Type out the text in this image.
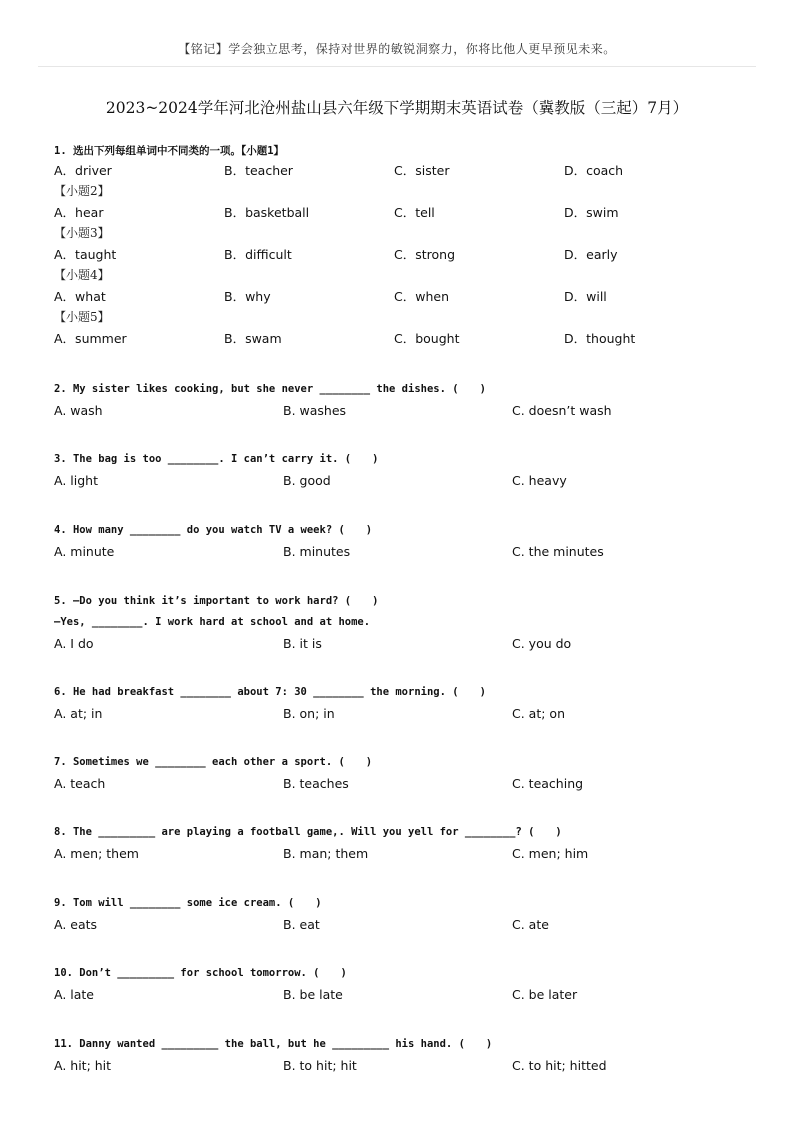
【铭记】学会独立思考，保持对世界的敏锐洞察力，你将比他人更早预见未来。
2023~2024学年河北沧州盐山县六年级下学期期末英语试卷（冀教版（三起）7月）
1. 选出下列每组单词中不同类的一项。【小题1】
A．driver	B．teacher	C．sister	D．coach
【小题2】
A．hear	B．basketball	C．tell	D．swim
【小题3】
A．taught	B．difficult	C．strong	D．early
【小题4】
A．what	B．why	C．when	D．will
【小题5】
A．summer	B．swam	C．bought	D．thought
2. My sister likes cooking, but she never ________ the dishes. (　　)
A. wash	B. washes	C. doesn’t wash
3. The bag is too ________. I can’t carry it. (　　)
A. light	B. good	C. heavy
4. How many ________ do you watch TV a week? (　　)
A. minute	B. minutes	C. the minutes
5. —Do you think it’s important to work hard? (　　)
—Yes, ________. I work hard at school and at home.
A. I do	B. it is	C. you do
6. He had breakfast ________ about 7: 30 ________ the morning. (　　)
A. at; in	B. on; in	C. at; on
7. Sometimes we ________ each other a sport. (　　)
A. teach	B. teaches	C. teaching
8. The _________ are playing a football game,. Will you yell for ________? (　　)
A. men; them	B. man; them	C. men; him
9. Tom will ________ some ice cream. (　　)
A. eats	B. eat	C. ate
10. Don’t _________ for school tomorrow. (　　)
A. late	B. be late	C. be later
11. Danny wanted _________ the ball, but he _________ his hand. (　　)
A. hit; hit	B. to hit; hit	C. to hit; hitted
